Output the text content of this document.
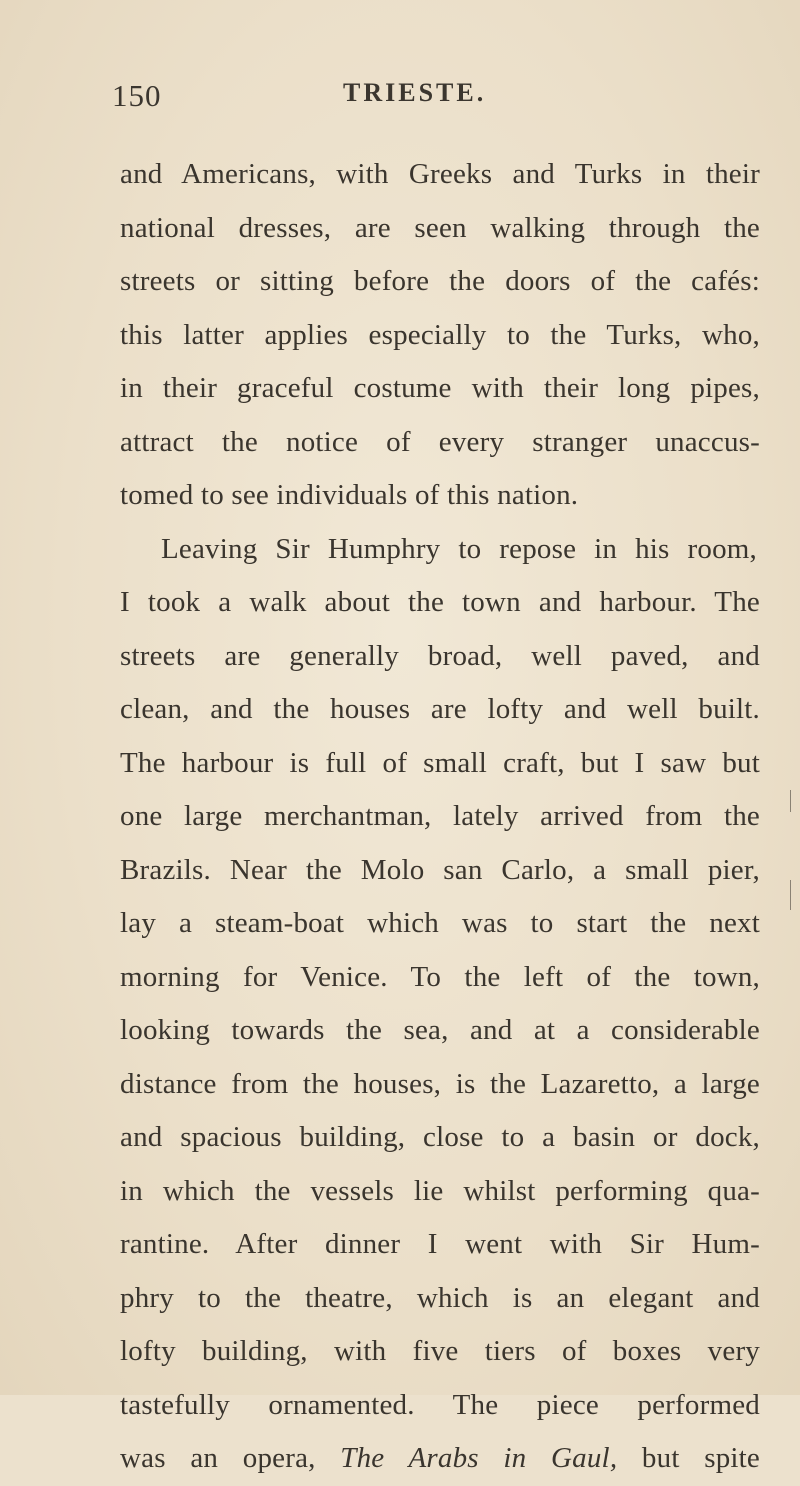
150	TRIESTE.
and Americans, with Greeks and Turks in their
national dresses, are seen walking through the
streets or sitting before the doors of the cafés:
this latter applies especially to the Turks, who,
in their graceful costume with their long pipes,
attract the notice of every stranger unaccus-
tomed to see individuals of this nation.
Leaving Sir Humphry to repose in his room,
I took a walk about the town and harbour. The
streets are generally broad, well paved, and
clean, and the houses are lofty and well built.
The harbour is full of small craft, but I saw but
one large merchantman, lately arrived from the
Brazils. Near the Molo san Carlo, a small pier,
lay a steam-boat which was to start the next
morning for Venice. To the left of the town,
looking towards the sea, and at a considerable
distance from the houses, is the Lazaretto, a large
and spacious building, close to a basin or dock,
in which the vessels lie whilst performing qua-
rantine. After dinner I went with Sir Hum-
phry to the theatre, which is an elegant and
lofty building, with five tiers of boxes very
tastefully ornamented. The piece performed
was an opera, The Arabs in Gaul, but spite
